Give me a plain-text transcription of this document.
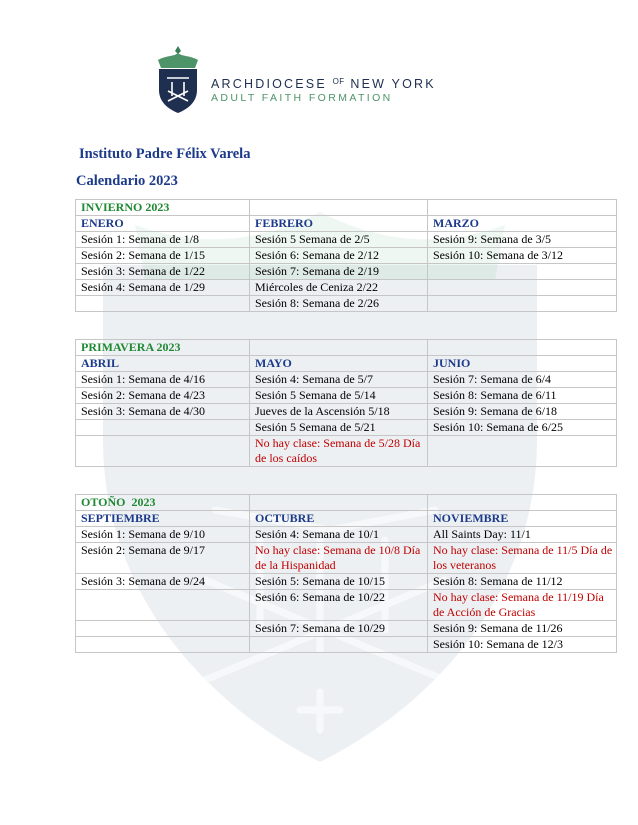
ARCHDIOCESE $^{OF}$ NEW YORK
ADULT FAITH FORMATION
Instituto Padre Félix Varela
Calendario 2023
INVIERNO 2023		
ENERO	FEBRERO	MARZO
Sesión 1: Semana de 1/8	Sesión 5 Semana de 2/5	Sesión 9: Semana de 3/5
Sesión 2: Semana de 1/15	Sesión 6: Semana de 2/12	Sesión 10: Semana de 3/12
Sesión 3: Semana de 1/22	Sesión 7: Semana de 2/19	
Sesión 4: Semana de 1/29	Miércoles de Ceniza 2/22	
	Sesión 8: Semana de 2/26	
PRIMAVERA 2023		
ABRIL	MAYO	JUNIO
Sesión 1: Semana de 4/16	Sesión 4: Semana de 5/7	Sesión 7: Semana de 6/4
Sesión 2: Semana de 4/23	Sesión 5 Semana de 5/14	Sesión 8: Semana de 6/11
Sesión 3: Semana de 4/30	Jueves de la Ascensión 5/18	Sesión 9: Semana de 6/18
	Sesión 5 Semana de 5/21	Sesión 10: Semana de 6/25
	No hay clase: Semana de 5/28 Día de los caídos	
OTOÑO  2023		
SEPTIEMBRE	OCTUBRE	NOVIEMBRE
Sesión 1: Semana de 9/10	Sesión 4: Semana de 10/1	All Saints Day: 11/1
Sesión 2: Semana de 9/17	No hay clase: Semana de 10/8 Día de la Hispanidad	No hay clase: Semana de 11/5 Día de los veteranos
Sesión 3: Semana de 9/24	Sesión 5: Semana de 10/15	Sesión 8: Semana de 11/12
	Sesión 6: Semana de 10/22	No hay clase: Semana de 11/19 Día de Acción de Gracias
	Sesión 7: Semana de 10/29	Sesión 9: Semana de 11/26
		Sesión 10: Semana de 12/3
